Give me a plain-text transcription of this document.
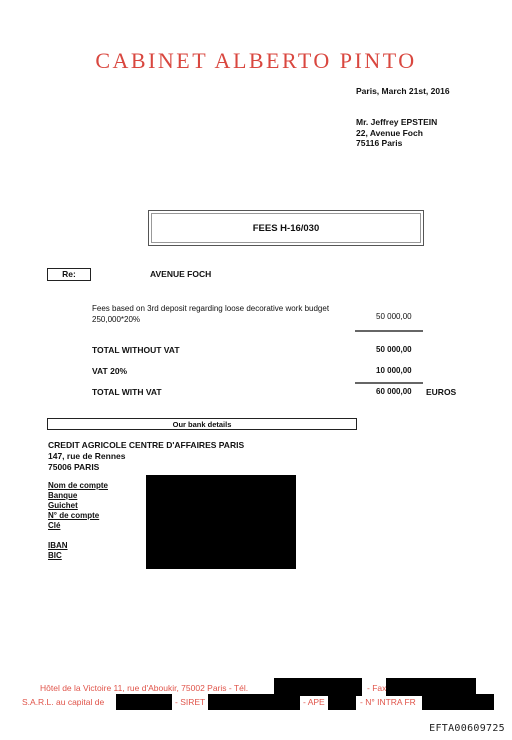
CABINET ALBERTO PINTO
Paris, March 21st, 2016
Mr. Jeffrey EPSTEIN
22, Avenue Foch
75116 Paris
FEES H-16/030
Re:	AVENUE FOCH
Fees based on 3rd deposit regarding loose decorative work budget
250,000*20%	50 000,00
TOTAL WITHOUT VAT	50 000,00
VAT 20%	10 000,00
TOTAL WITH VAT	60 000,00 EUROS
Our bank details
CREDIT AGRICOLE CENTRE D'AFFAIRES PARIS
147, rue de Rennes
75006 PARIS
Nom de compte
Banque
Guichet
N° de compte
Clé
IBAN
BIC
Hôtel de la Victoire 11, rue d'Aboukir, 75002 Paris - Tél.	- Fax
S.A.R.L. au capital de	- SIRET	- APE	- N° INTRA FR
EFTA00609725
